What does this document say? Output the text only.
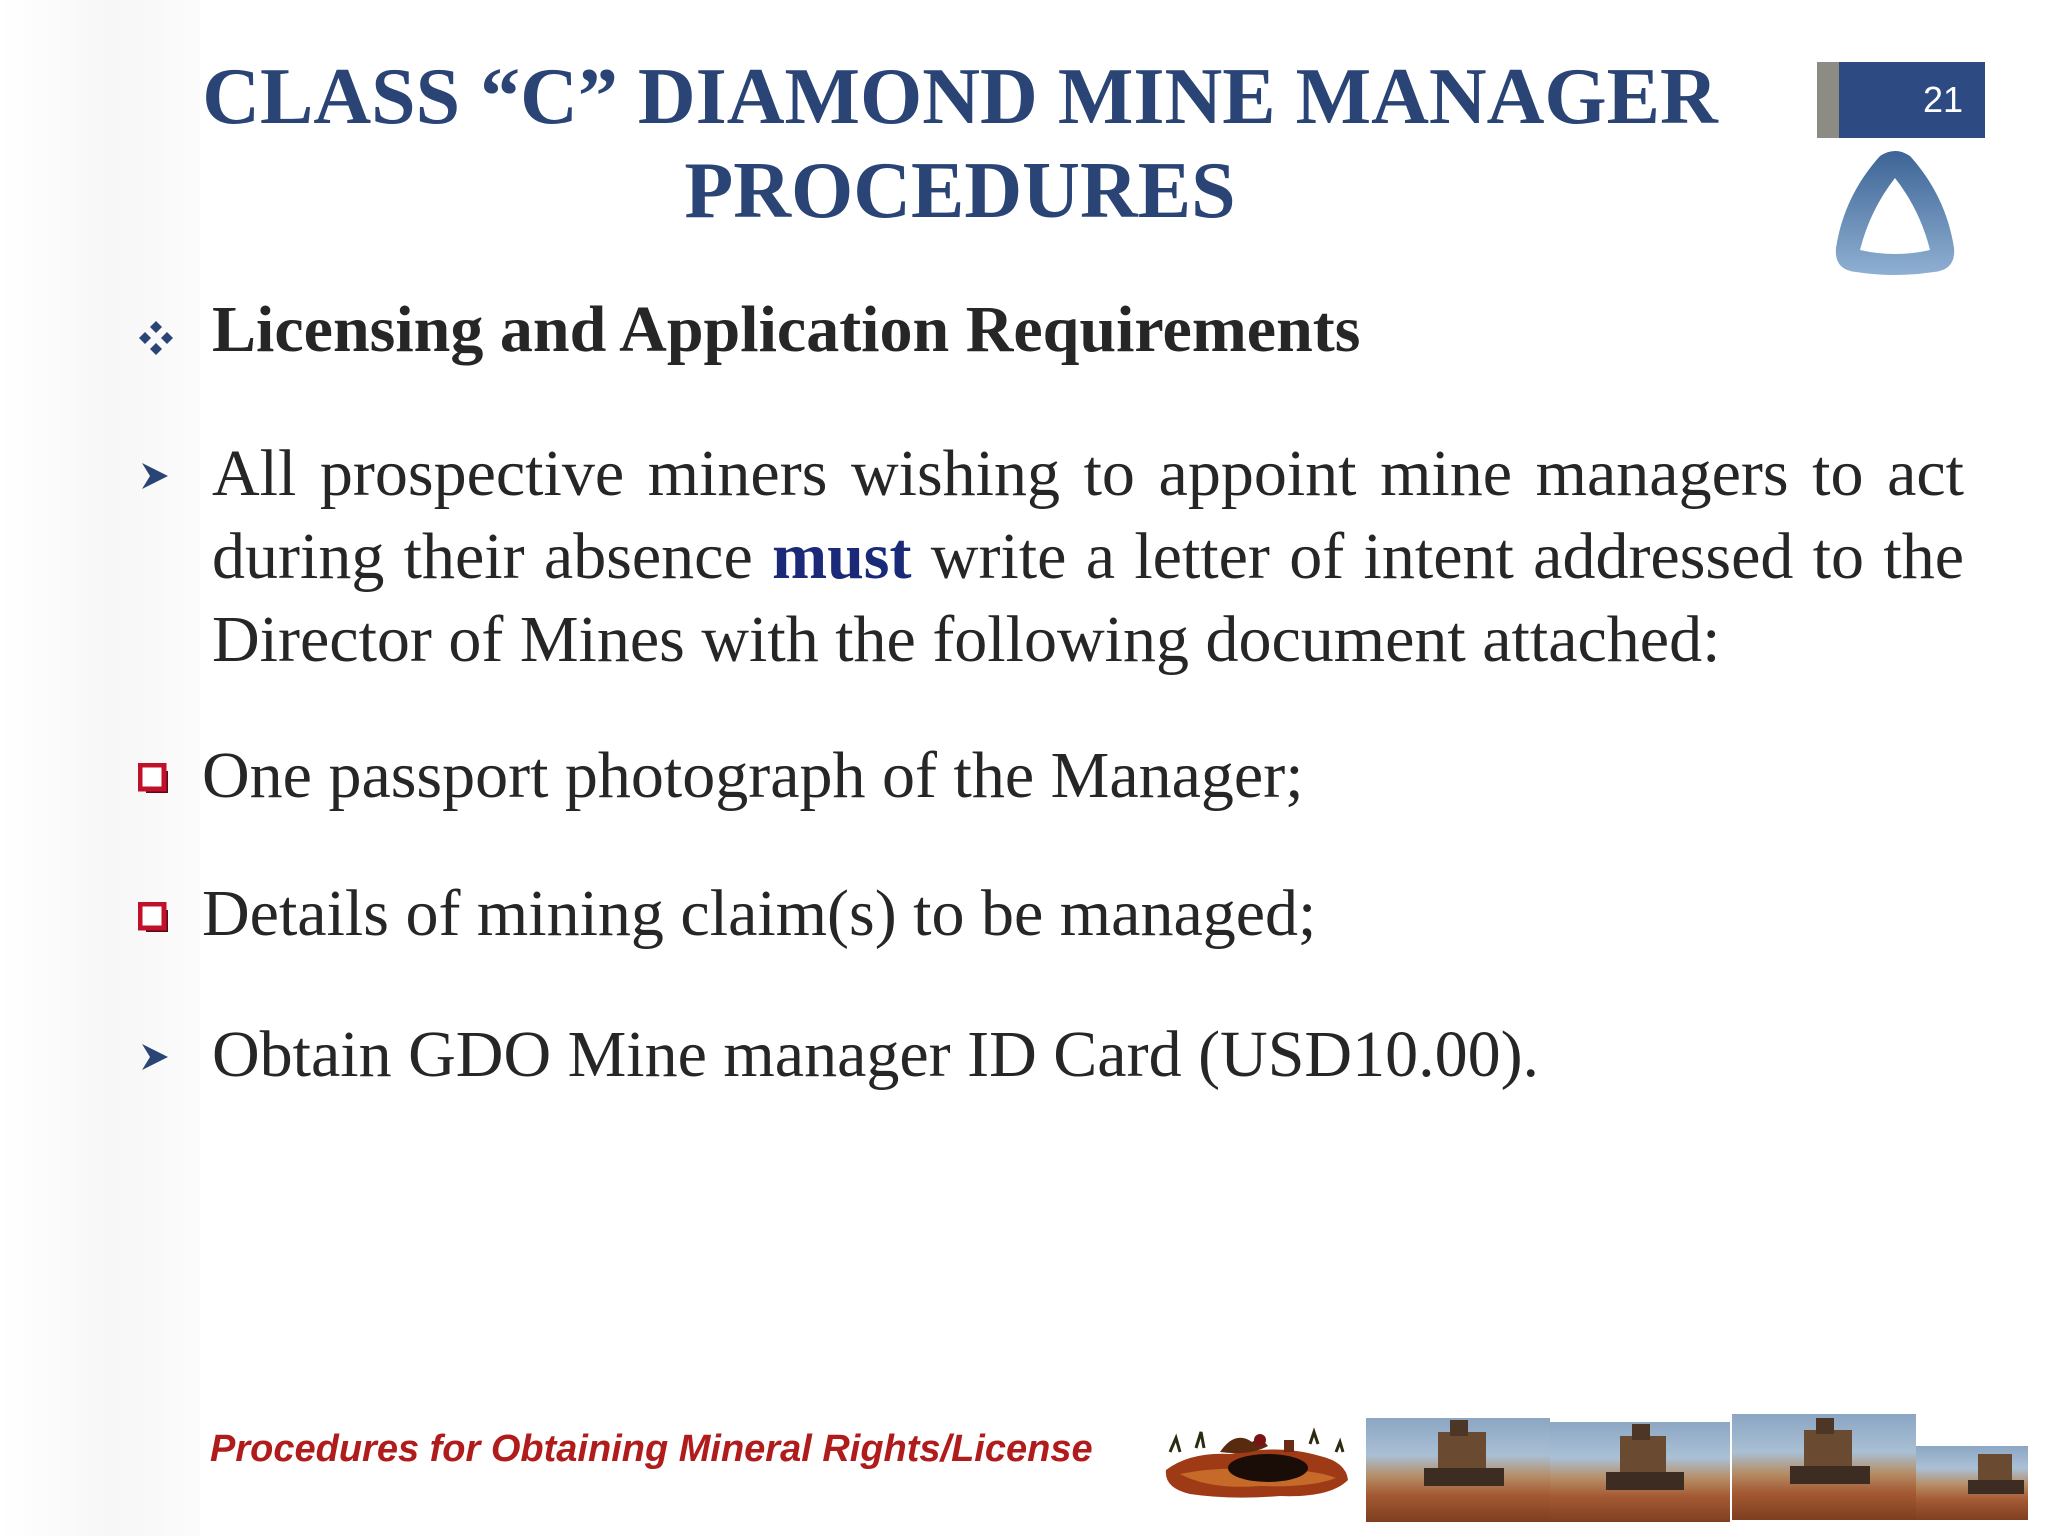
CLASS “C” DIAMOND MINE MANAGER PROCEDURES
21
Licensing and Application Requirements
All prospective miners wishing to appoint mine managers to act during their absence must write a letter of intent addressed to the Director of Mines with the following document attached:
One passport photograph of the Manager;
Details of mining claim(s) to be managed;
Obtain GDO Mine manager ID Card (USD10.00).
Procedures for Obtaining Mineral Rights/License
